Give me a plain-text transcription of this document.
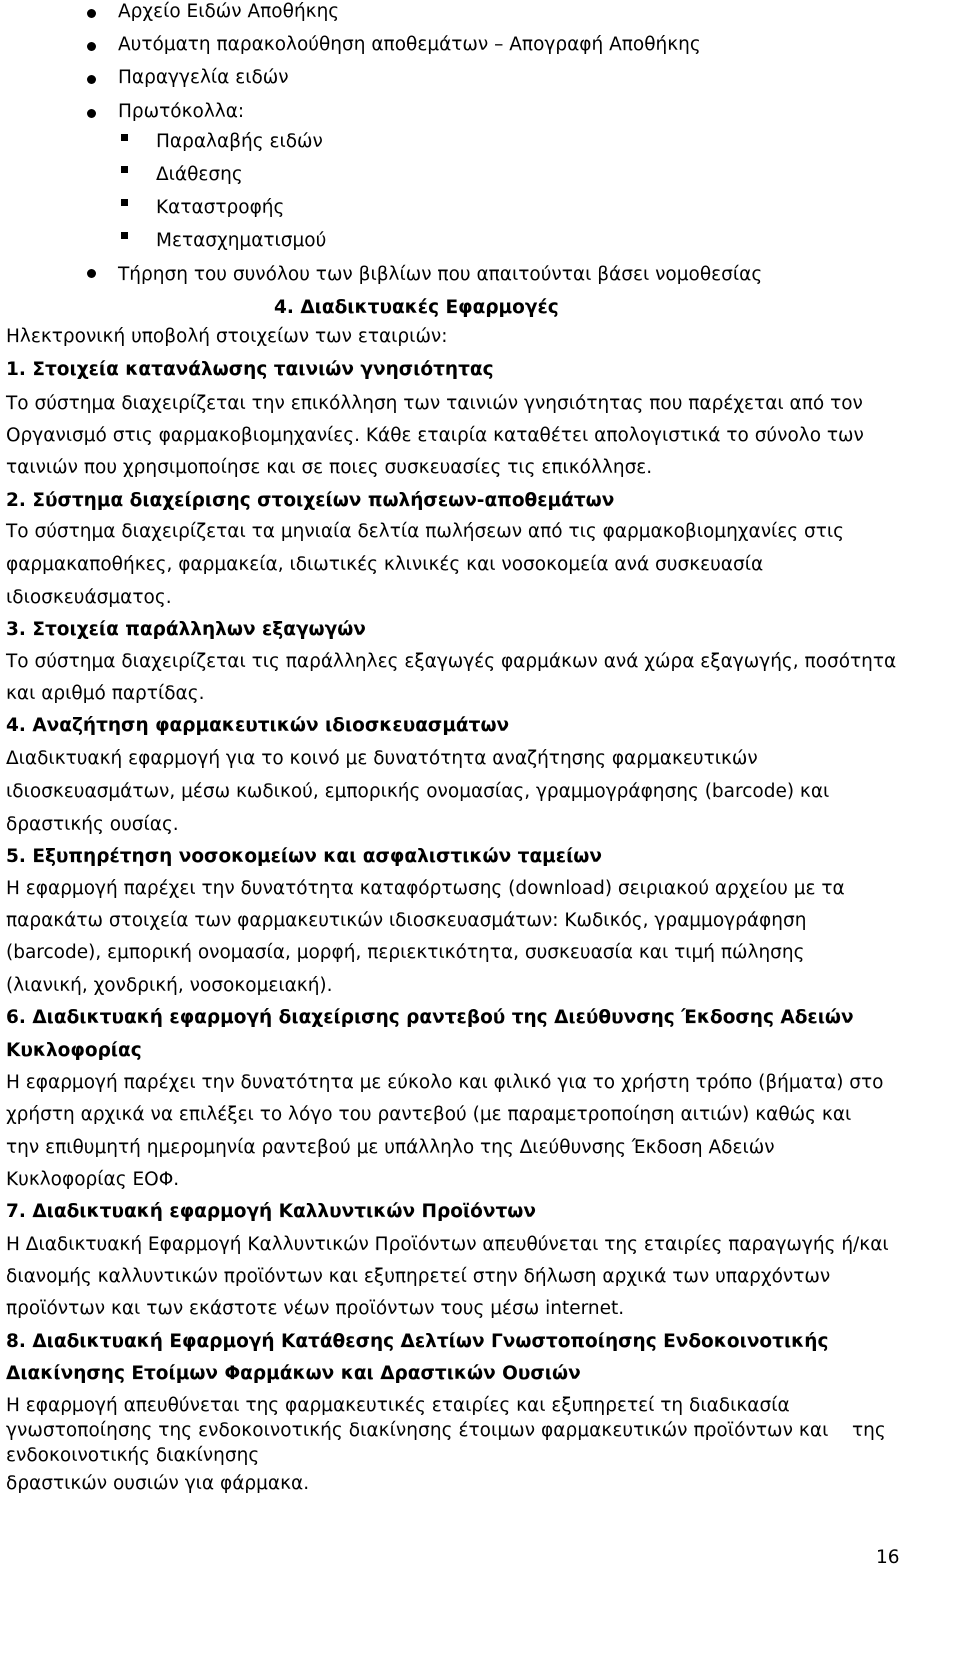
Αρχείο Ειδών Αποθήκης
Αυτόματη παρακολούθηση αποθεμάτων – Απογραφή Αποθήκης
Παραγγελία ειδών
Πρωτόκολλα:
Παραλαβής ειδών
Διάθεσης
Καταστροφής
Μετασχηματισμού
Τήρηση του συνόλου των βιβλίων που απαιτούνται βάσει νομοθεσίας
4. Διαδικτυακές Εφαρμογές
Ηλεκτρονική υποβολή στοιχείων των εταιριών:
1. Στοιχεία κατανάλωσης ταινιών γνησιότητας
Το σύστημα διαχειρίζεται την επικόλληση των ταινιών γνησιότητας που παρέχεται από τον
Οργανισμό στις φαρμακοβιομηχανίες. Κάθε εταιρία καταθέτει απολογιστικά το σύνολο των
ταινιών που χρησιμοποίησε και σε ποιες συσκευασίες τις επικόλλησε.
2. Σύστημα διαχείρισης στοιχείων πωλήσεων-αποθεμάτων
Το σύστημα διαχειρίζεται τα μηνιαία δελτία πωλήσεων από τις φαρμακοβιομηχανίες στις
φαρμακαποθήκες, φαρμακεία, ιδιωτικές κλινικές και νοσοκομεία ανά συσκευασία
ιδιοσκευάσματος.
3. Στοιχεία παράλληλων εξαγωγών
Το σύστημα διαχειρίζεται τις παράλληλες εξαγωγές φαρμάκων ανά χώρα εξαγωγής, ποσότητα
και αριθμό παρτίδας.
4. Αναζήτηση φαρμακευτικών ιδιοσκευασμάτων
Διαδικτυακή εφαρμογή για το κοινό με δυνατότητα αναζήτησης φαρμακευτικών
ιδιοσκευασμάτων, μέσω κωδικού, εμπορικής ονομασίας, γραμμογράφησης (barcode) και
δραστικής ουσίας.
5. Εξυπηρέτηση νοσοκομείων και ασφαλιστικών ταμείων
Η εφαρμογή παρέχει την δυνατότητα καταφόρτωσης (download) σειριακού αρχείου με τα
παρακάτω στοιχεία των φαρμακευτικών ιδιοσκευασμάτων: Κωδικός, γραμμογράφηση
(barcode), εμπορική ονομασία, μορφή, περιεκτικότητα, συσκευασία και τιμή πώλησης
(λιανική, χονδρική, νοσοκομειακή).
6. Διαδικτυακή εφαρμογή διαχείρισης ραντεβού της Διεύθυνσης Έκδοσης Αδειών
Κυκλοφορίας
Η εφαρμογή παρέχει την δυνατότητα με εύκολο και φιλικό για το χρήστη τρόπο (βήματα) στο
χρήστη αρχικά να επιλέξει το λόγο του ραντεβού (με παραμετροποίηση αιτιών) καθώς και
την επιθυμητή ημερομηνία ραντεβού με υπάλληλο της Διεύθυνσης Έκδοση Αδειών
Κυκλοφορίας ΕΟΦ.
7. Διαδικτυακή εφαρμογή Καλλυντικών Προϊόντων
Η Διαδικτυακή Εφαρμογή Καλλυντικών Προϊόντων απευθύνεται της εταιρίες παραγωγής ή/και
διανομής καλλυντικών προϊόντων και εξυπηρετεί στην δήλωση αρχικά των υπαρχόντων
προϊόντων και των εκάστοτε νέων προϊόντων τους μέσω internet.
8. Διαδικτυακή Εφαρμογή Κατάθεσης Δελτίων Γνωστοποίησης Ενδοκοινοτικής
Διακίνησης Ετοίμων Φαρμάκων και Δραστικών Ουσιών
Η εφαρμογή απευθύνεται της φαρμακευτικές εταιρίες και εξυπηρετεί τη διαδικασία
γνωστοποίησης της ενδοκοινοτικής διακίνησης έτοιμων φαρμακευτικών προϊόντων και της
ενδοκοινοτικής διακίνησης
δραστικών ουσιών για φάρμακα.
16
